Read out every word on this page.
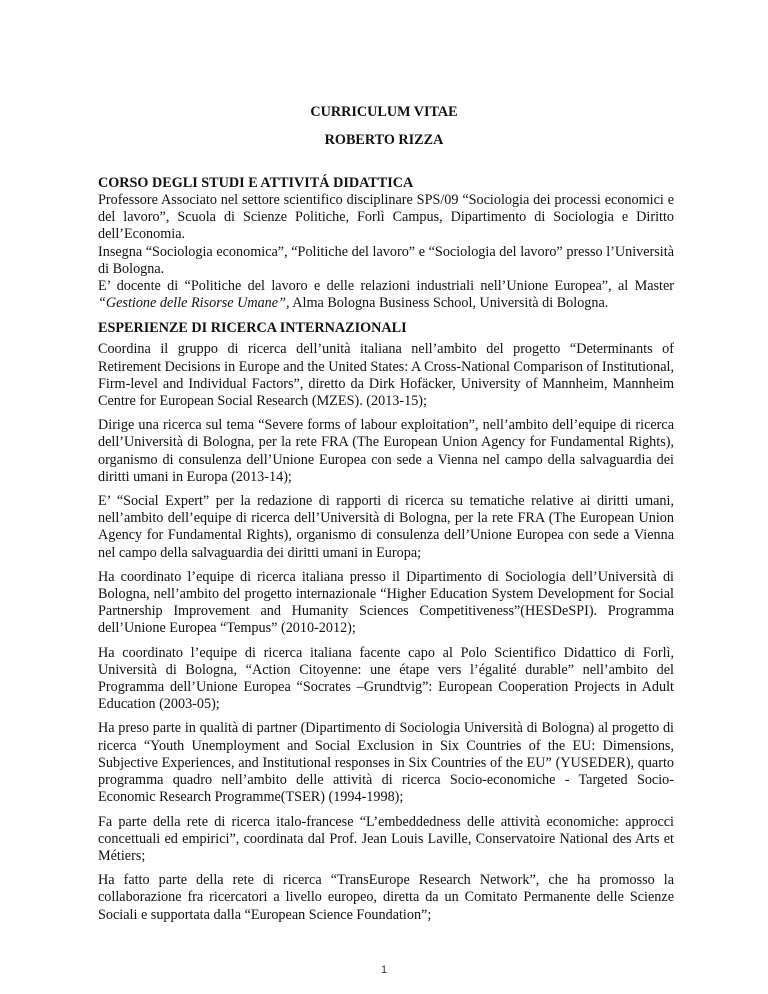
CURRICULUM VITAE
ROBERTO RIZZA
CORSO DEGLI STUDI E ATTIVITÁ DIDATTICA

Professore Associato nel settore scientifico disciplinare SPS/09 “Sociologia dei processi economici e del lavoro”, Scuola di Scienze Politiche, Forlì Campus, Dipartimento di Sociologia e Diritto dell’Economia.

Insegna “Sociologia economica”, “Politiche del lavoro” e “Sociologia del lavoro” presso l’Università di Bologna.

E’ docente di “Politiche del lavoro e delle relazioni industriali nell’Unione Europea”, al Master “Gestione delle Risorse Umane”, Alma Bologna Business School, Università di Bologna.

ESPERIENZE DI RICERCA INTERNAZIONALI

Coordina il gruppo di ricerca dell’unità italiana nell’ambito del progetto “Determinants of Retirement Decisions in Europe and the United States: A Cross-National Comparison of Institutional, Firm-level and Individual Factors”, diretto da Dirk Hofäcker, University of Mannheim, Mannheim Centre for European Social Research (MZES). (2013-15);

Dirige una ricerca sul tema “Severe forms of labour exploitation”, nell’ambito dell’equipe di ricerca dell’Università di Bologna, per la rete FRA (The European Union Agency for Fundamental Rights), organismo di consulenza dell’Unione Europea con sede a Vienna nel campo della salvaguardia dei diritti umani in Europa (2013-14);

E’ “Social Expert” per la redazione di rapporti di ricerca su tematiche relative ai diritti umani, nell’ambito dell’equipe di ricerca dell’Università di Bologna, per la rete FRA (The European Union Agency for Fundamental Rights), organismo di consulenza dell’Unione Europea con sede a Vienna nel campo della salvaguardia dei diritti umani in Europa;

Ha coordinato l’equipe di ricerca italiana presso il Dipartimento di Sociologia dell’Università di Bologna, nell’ambito del progetto internazionale “Higher Education System Development for Social Partnership Improvement and Humanity Sciences Competitiveness”(HESDeSPI). Programma dell’Unione Europea “Tempus” (2010-2012);

Ha coordinato l’equipe di ricerca italiana facente capo al Polo Scientifico Didattico di Forlì, Università di Bologna, “Action Citoyenne: une étape vers l’égalité durable” nell’ambito del Programma dell’Unione Europea “Socrates –Grundtvig”: European Cooperation Projects in Adult Education (2003-05);

Ha preso parte in qualità di partner (Dipartimento di Sociologia Università di Bologna) al progetto di ricerca “Youth Unemployment and Social Exclusion in Six Countries of the EU: Dimensions, Subjective Experiences, and Institutional responses in Six Countries of the EU” (YUSEDER), quarto programma quadro nell’ambito delle attività di ricerca Socio-economiche - Targeted Socio-Economic Research Programme(TSER) (1994-1998);

Fa parte della rete di ricerca italo-francese “L’embeddedness delle attività economiche: approcci concettuali ed empirici”, coordinata dal Prof. Jean Louis Laville, Conservatoire National des Arts et Métiers;

Ha fatto parte della rete di ricerca “TransEurope Research Network”, che ha promosso la collaborazione fra ricercatori a livello europeo, diretta da un Comitato Permanente delle Scienze Sociali e supportata dalla “European Science Foundation”;

1
